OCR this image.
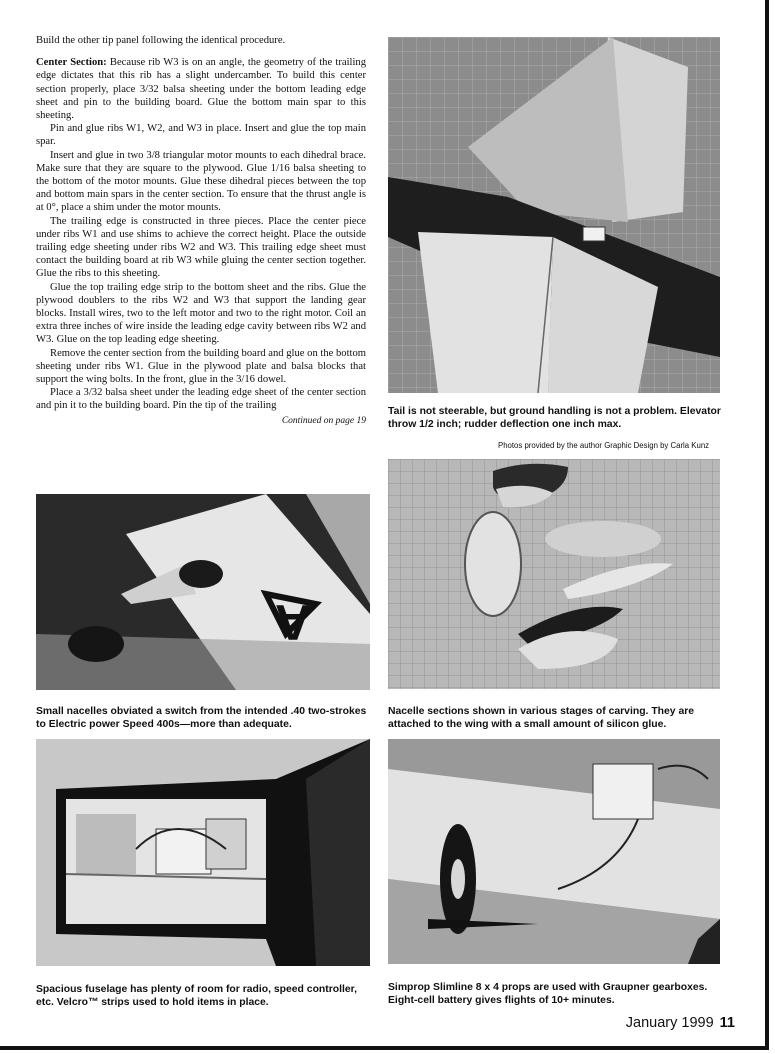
Build the other tip panel following the identical procedure.

Center Section: Because rib W3 is on an angle, the geometry of the trailing edge dictates that this rib has a slight undercamber. To build this center section properly, place 3/32 balsa sheeting under the bottom leading edge sheet and pin to the building board. Glue the bottom main spar to this sheeting.

Pin and glue ribs W1, W2, and W3 in place. Insert and glue the top main spar.

Insert and glue in two 3/8 triangular motor mounts to each dihedral brace. Make sure that they are square to the plywood. Glue 1/16 balsa sheeting to the bottom of the motor mounts. Glue these dihedral pieces between the top and bottom main spars in the center section. To ensure that the thrust angle is at 0°, place a shim under the motor mounts.

The trailing edge is constructed in three pieces. Place the center piece under ribs W1 and use shims to achieve the correct height. Place the outside trailing edge sheeting under ribs W2 and W3. This trailing edge sheet must contact the building board at rib W3 while gluing the center section together. Glue the ribs to this sheeting.

Glue the top trailing edge strip to the bottom sheet and the ribs. Glue the plywood doublers to the ribs W2 and W3 that support the landing gear blocks. Install wires, two to the left motor and two to the right motor. Coil an extra three inches of wire inside the leading edge cavity between ribs W2 and W3. Glue on the top leading edge sheeting.

Remove the center section from the building board and glue on the bottom sheeting under ribs W1. Glue in the plywood plate and balsa blocks that support the wing bolts. In the front, glue in the 3/16 dowel.

Place a 3/32 balsa sheet under the leading edge sheet of the center section and pin it to the building board. Pin the tip of the trailing

Continued on page 19
Tail is not steerable, but ground handling is not a problem. Elevator throw 1/2 inch; rudder deflection one inch max.
Photos provided by the author Graphic Design by Carla Kunz
A
Small nacelles obviated a switch from the intended .40 two-strokes to Electric power Speed 400s—more than adequate.
Nacelle sections shown in various stages of carving. They are attached to the wing with a small amount of silicon glue.
Spacious fuselage has plenty of room for radio, speed controller, etc. Velcro™ strips used to hold items in place.
Simprop Slimline 8 x 4 props are used with Graupner gearboxes. Eight-cell battery gives flights of 10+ minutes.
January 1999 11
